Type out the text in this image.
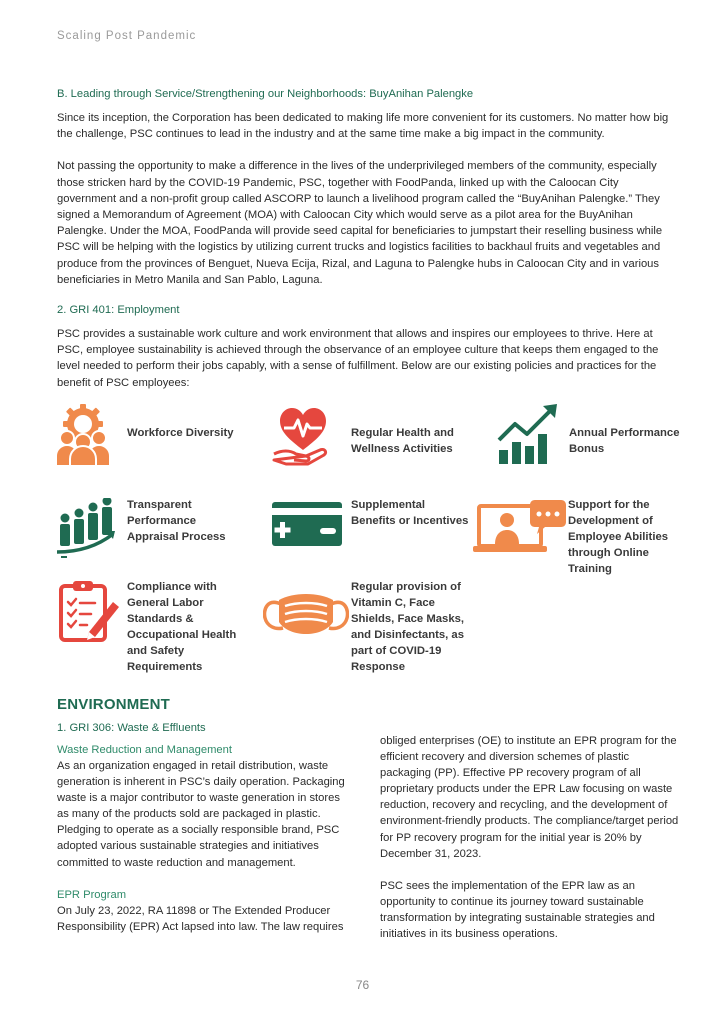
Scaling Post Pandemic
B. Leading through Service/Strengthening our Neighborhoods: BuyAnihan Palengke

Since its inception, the Corporation has been dedicated to making life more convenient for its customers. No matter how big the challenge, PSC continues to lead in the industry and at the same time make a big impact in the community.

Not passing the opportunity to make a difference in the lives of the underprivileged members of the community, especially those stricken hard by the COVID-19 Pandemic, PSC, together with FoodPanda, linked up with the Caloocan City government and a non-profit group called ASCORP to launch a livelihood program called the “BuyAnihan Palengke.” They signed a Memorandum of Agreement (MOA) with Caloocan City which would serve as a pilot area for the BuyAnihan Palengke. Under the MOA, FoodPanda will provide seed capital for beneficiaries to jumpstart their reselling business while PSC will be helping with the logistics by utilizing current trucks and logistics facilities to backhaul fruits and vegetables and produce from the provinces of Benguet, Nueva Ecija, Rizal, and Laguna to Palengke hubs in Caloocan City and in various beneficiaries in Metro Manila and San Pablo, Laguna.

2. GRI 401: Employment

PSC provides a sustainable work culture and work environment that allows and inspires our employees to thrive. Here at PSC, employee sustainability is achieved through the observance of an employee culture that keeps them engaged to the level needed to perform their jobs capably, with a sense of fulfillment. Below are our existing policies and practices for the benefit of PSC employees:

Workforce Diversity	Regular Health and Wellness Activities
Annual Performance Bonus
Transparent Performance Appraisal Process
Supplemental Benefits or Incentives
Support for the Development of Employee Abilities through Online Training
Compliance with General Labor Standards & Occupational Health and Safety Requirements
Regular provision of Vitamin C, Face Shields, Face Masks, and Disinfectants, as part of COVID-19 Response
ENVIRONMENT
1. GRI 306: Waste & Effluents
Waste Reduction and Management

As an organization engaged in retail distribution, waste generation is inherent in PSC’s daily operation. Packaging waste is a major contributor to waste generation in stores as many of the products sold are packaged in plastic. Pledging to operate as a socially responsible brand, PSC adopted various sustainable strategies and initiatives committed to waste reduction and management.

EPR Program

On July 23, 2022, RA 11898 or The Extended Producer Responsibility (EPR) Act lapsed into law. The law requires

obliged enterprises (OE) to institute an EPR program for the efficient recovery and diversion schemes of plastic packaging (PP). Effective PP recovery program of all proprietary products under the EPR Law focusing on waste reduction, recovery and recycling, and the development of environment-friendly products. The compliance/target period for PP recovery program for the initial year is 20% by December 31, 2023.

PSC sees the implementation of the EPR law as an opportunity to continue its journey toward sustainable transformation by integrating sustainable strategies and initiatives in its business operations.

76
